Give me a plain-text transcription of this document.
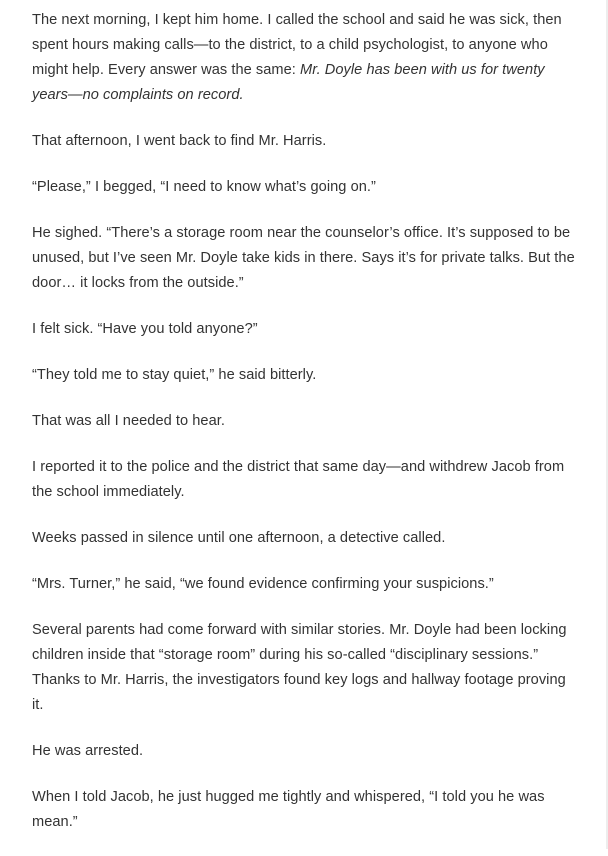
The next morning, I kept him home. I called the school and said he was sick, then spent hours making calls—to the district, to a child psychologist, to anyone who might help. Every answer was the same: Mr. Doyle has been with us for twenty years—no complaints on record.

That afternoon, I went back to find Mr. Harris.

“Please,” I begged, “I need to know what’s going on.”

He sighed. “There’s a storage room near the counselor’s office. It’s supposed to be unused, but I’ve seen Mr. Doyle take kids in there. Says it’s for private talks. But the door… it locks from the outside.”

I felt sick. “Have you told anyone?”

“They told me to stay quiet,” he said bitterly.

That was all I needed to hear.

I reported it to the police and the district that same day—and withdrew Jacob from the school immediately.

Weeks passed in silence until one afternoon, a detective called.

“Mrs. Turner,” he said, “we found evidence confirming your suspicions.”

Several parents had come forward with similar stories. Mr. Doyle had been locking children inside that “storage room” during his so-called “disciplinary sessions.” Thanks to Mr. Harris, the investigators found key logs and hallway footage proving it.

He was arrested.

When I told Jacob, he just hugged me tightly and whispered, “I told you he was mean.”
